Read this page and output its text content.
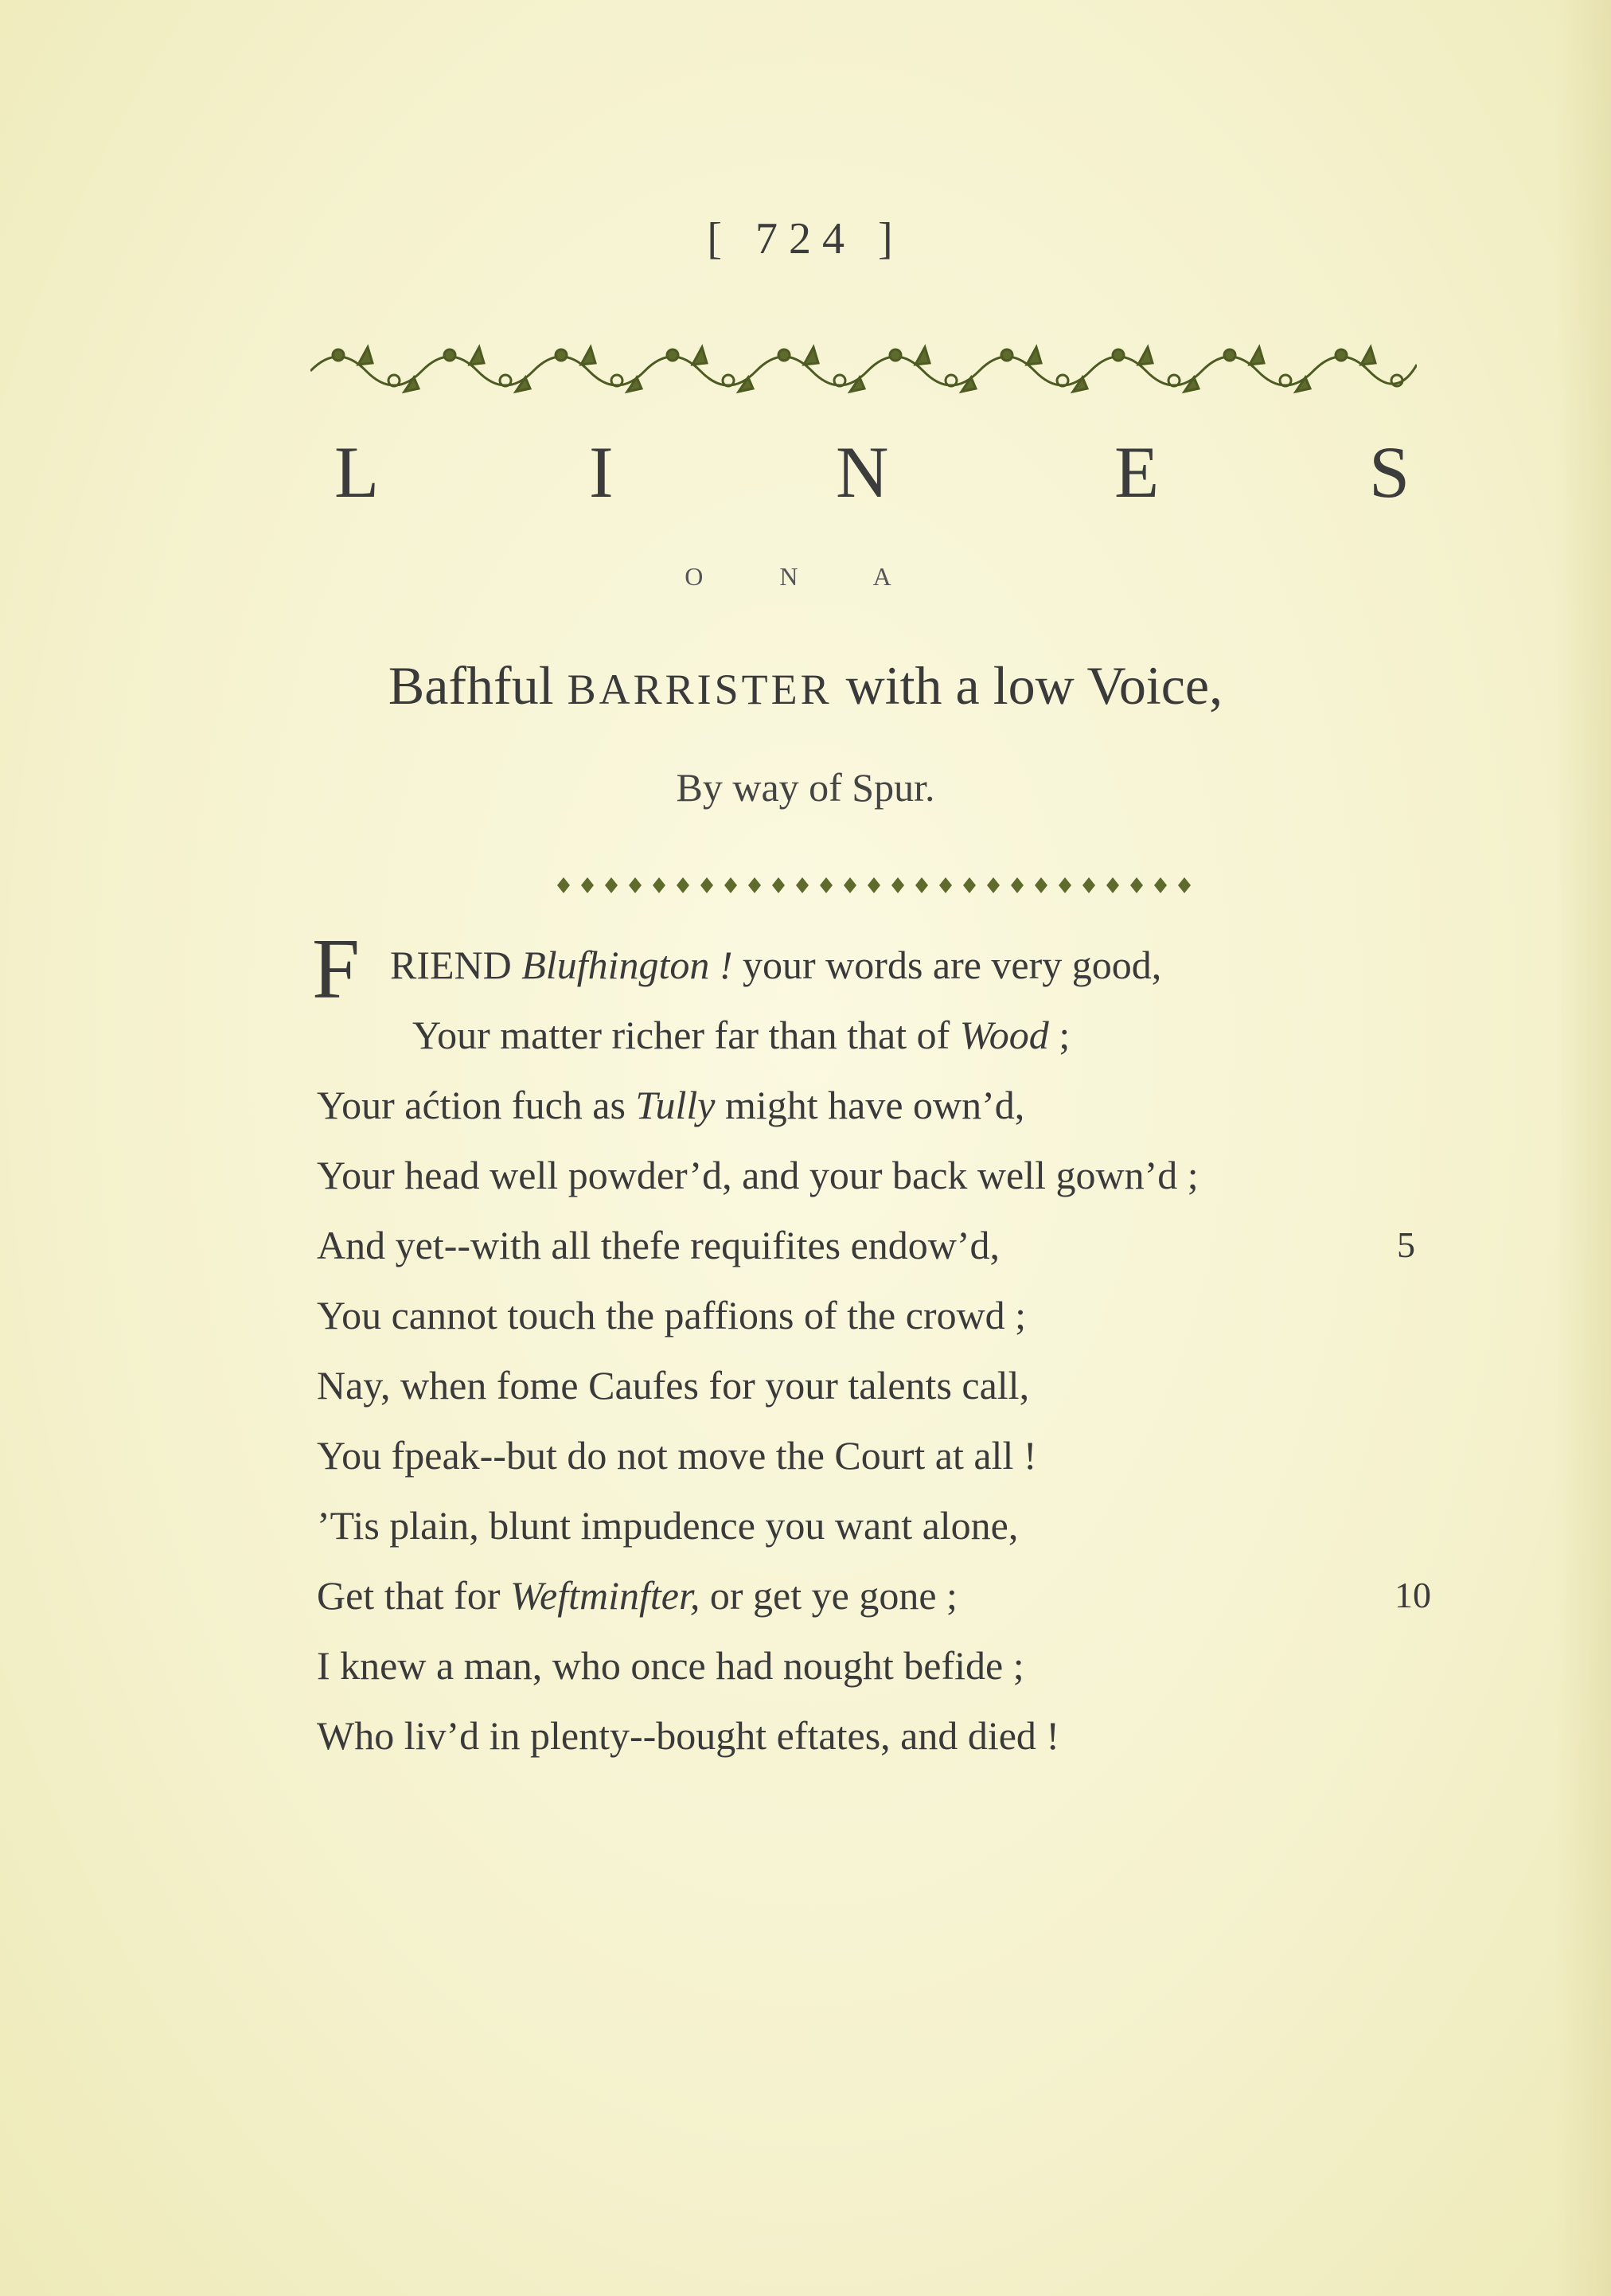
[ 724 ]
L	I	N	E	S
O N A
Bafhful BARRISTER with a low Voice,
By way of Spur.
F RIEND Blufhington ! your words are very good,
Your matter richer far than that of Wood ;
Your aćtion fuch as Tully might have own’d,
Your head well powder’d, and your back well gown’d ;
And yet--with all thefe requifites endow’d,	5
You cannot touch the paffions of the crowd ;
Nay, when fome Caufes for your talents call,
You fpeak--but do not move the Court at all !
’Tis plain, blunt impudence you want alone,
Get that for Weftminfter, or get ye gone ;	10
I knew a man, who once had nought befide ;
Who liv’d in plenty--bought eftates, and died !
